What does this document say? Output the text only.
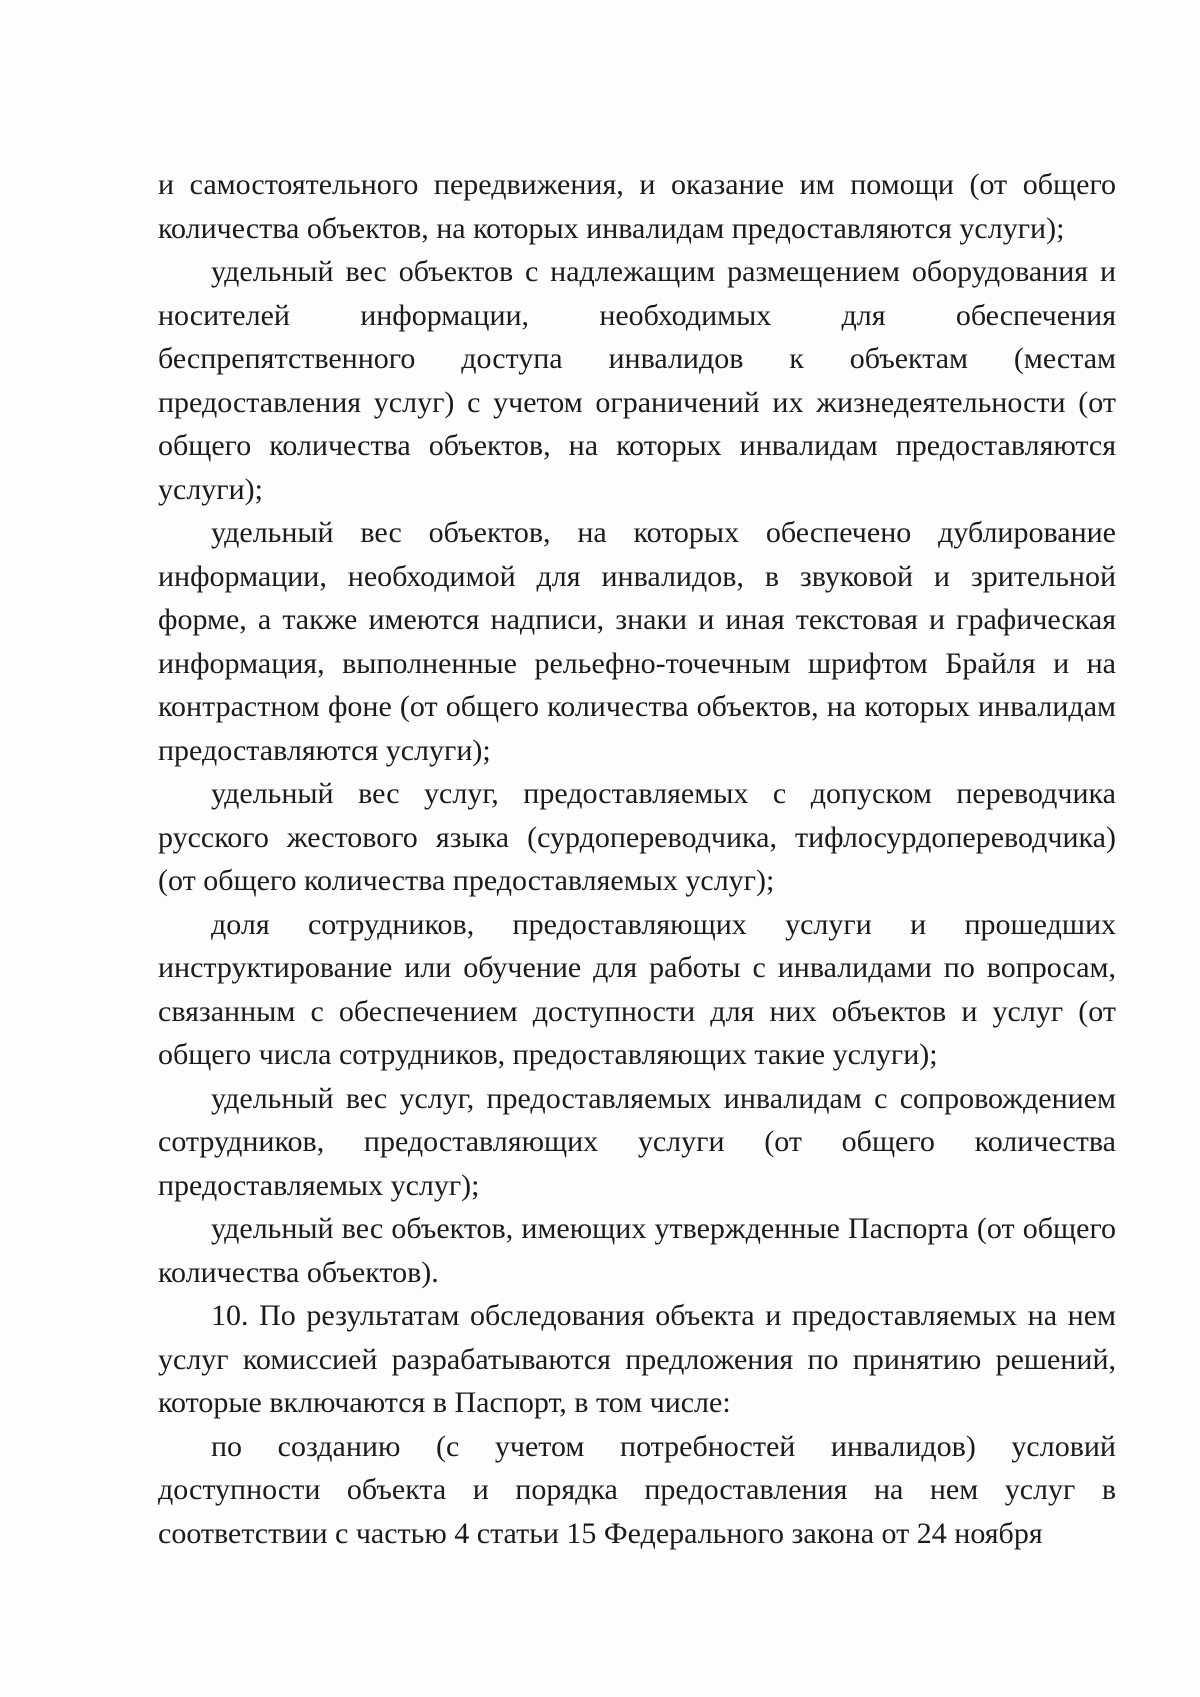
и самостоятельного передвижения, и оказание им помощи (от общего количества объектов, на которых инвалидам предоставляются услуги);

удельный вес объектов с надлежащим размещением оборудования и носителей информации, необходимых для обеспечения беспрепятственного доступа инвалидов к объектам (местам предоставления услуг) с учетом ограничений их жизнедеятельности (от общего количества объектов, на которых инвалидам предоставляются услуги);

удельный вес объектов, на которых обеспечено дублирование информации, необходимой для инвалидов, в звуковой и зрительной форме, а также имеются надписи, знаки и иная текстовая и графическая информация, выполненные рельефно-точечным шрифтом Брайля и на контрастном фоне (от общего количества объектов, на которых инвалидам предоставляются услуги);

удельный вес услуг, предоставляемых с допуском переводчика русского жестового языка (сурдопереводчика, тифлосурдопереводчика) (от общего количества предоставляемых услуг);

доля сотрудников, предоставляющих услуги и прошедших инструктирование или обучение для работы с инвалидами по вопросам, связанным с обеспечением доступности для них объектов и услуг (от общего числа сотрудников, предоставляющих такие услуги);

удельный вес услуг, предоставляемых инвалидам с сопровождением сотрудников, предоставляющих услуги (от общего количества предоставляемых услуг);

удельный вес объектов, имеющих утвержденные Паспорта (от общего количества объектов).

10. По результатам обследования объекта и предоставляемых на нем услуг комиссией разрабатываются предложения по принятию решений, которые включаются в Паспорт, в том числе:

по созданию (с учетом потребностей инвалидов) условий доступности объекта и порядка предоставления на нем услуг в соответствии с частью 4 статьи 15 Федерального закона от 24 ноября
